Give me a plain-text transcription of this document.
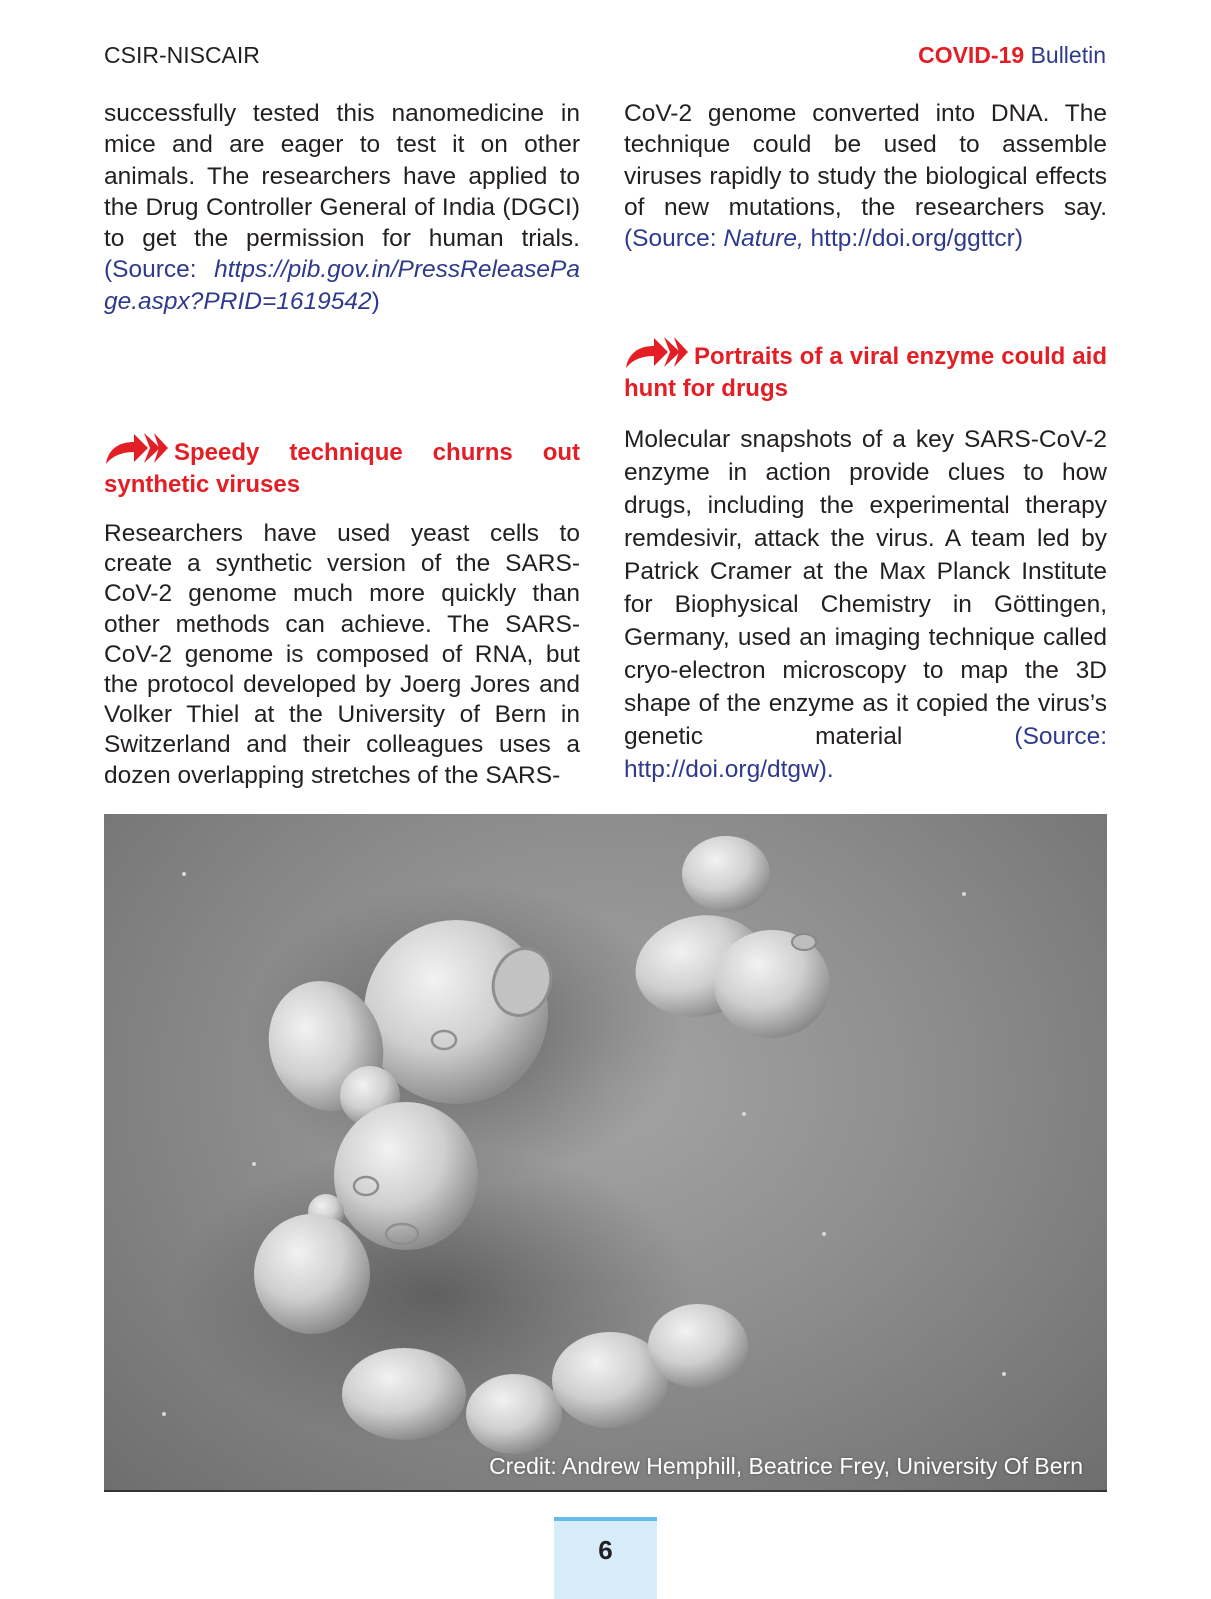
CSIR-NISCAIR	COVID-19 Bulletin

successfully tested this nanomedicine in mice and are eager to test it on other animals. The researchers have applied to the Drug Controller General of India (DGCI) to get the permission for human trials. (Source: https://pib.gov.in/PressReleasePage.aspx?PRID=1619542)

Speedy technique churns out synthetic viruses

Researchers have used yeast cells to create a synthetic version of the SARS-CoV-2 genome much more quickly than other methods can achieve. The SARS-CoV-2 genome is composed of RNA, but the protocol developed by Joerg Jores and Volker Thiel at the University of Bern in Switzerland and their colleagues uses a dozen overlapping stretches of the SARS-

CoV-2 genome converted into DNA. The technique could be used to assemble viruses rapidly to study the biological effects of new mutations, the researchers say. (Source: Nature, http://doi.org/ggttcr)

Portraits of a viral enzyme could aid hunt for drugs

Molecular snapshots of a key SARS-CoV-2 enzyme in action provide clues to how drugs, including the experimental therapy remdesivir, attack the virus. A team led by Patrick Cramer at the Max Planck Institute for Biophysical Chemistry in Göttingen, Germany, used an imaging technique called cryo-electron microscopy to map the 3D shape of the enzyme as it copied the virus’s genetic material (Source: http://doi.org/dtgw).

Credit: Andrew Hemphill, Beatrice Frey, University Of Bern
6
